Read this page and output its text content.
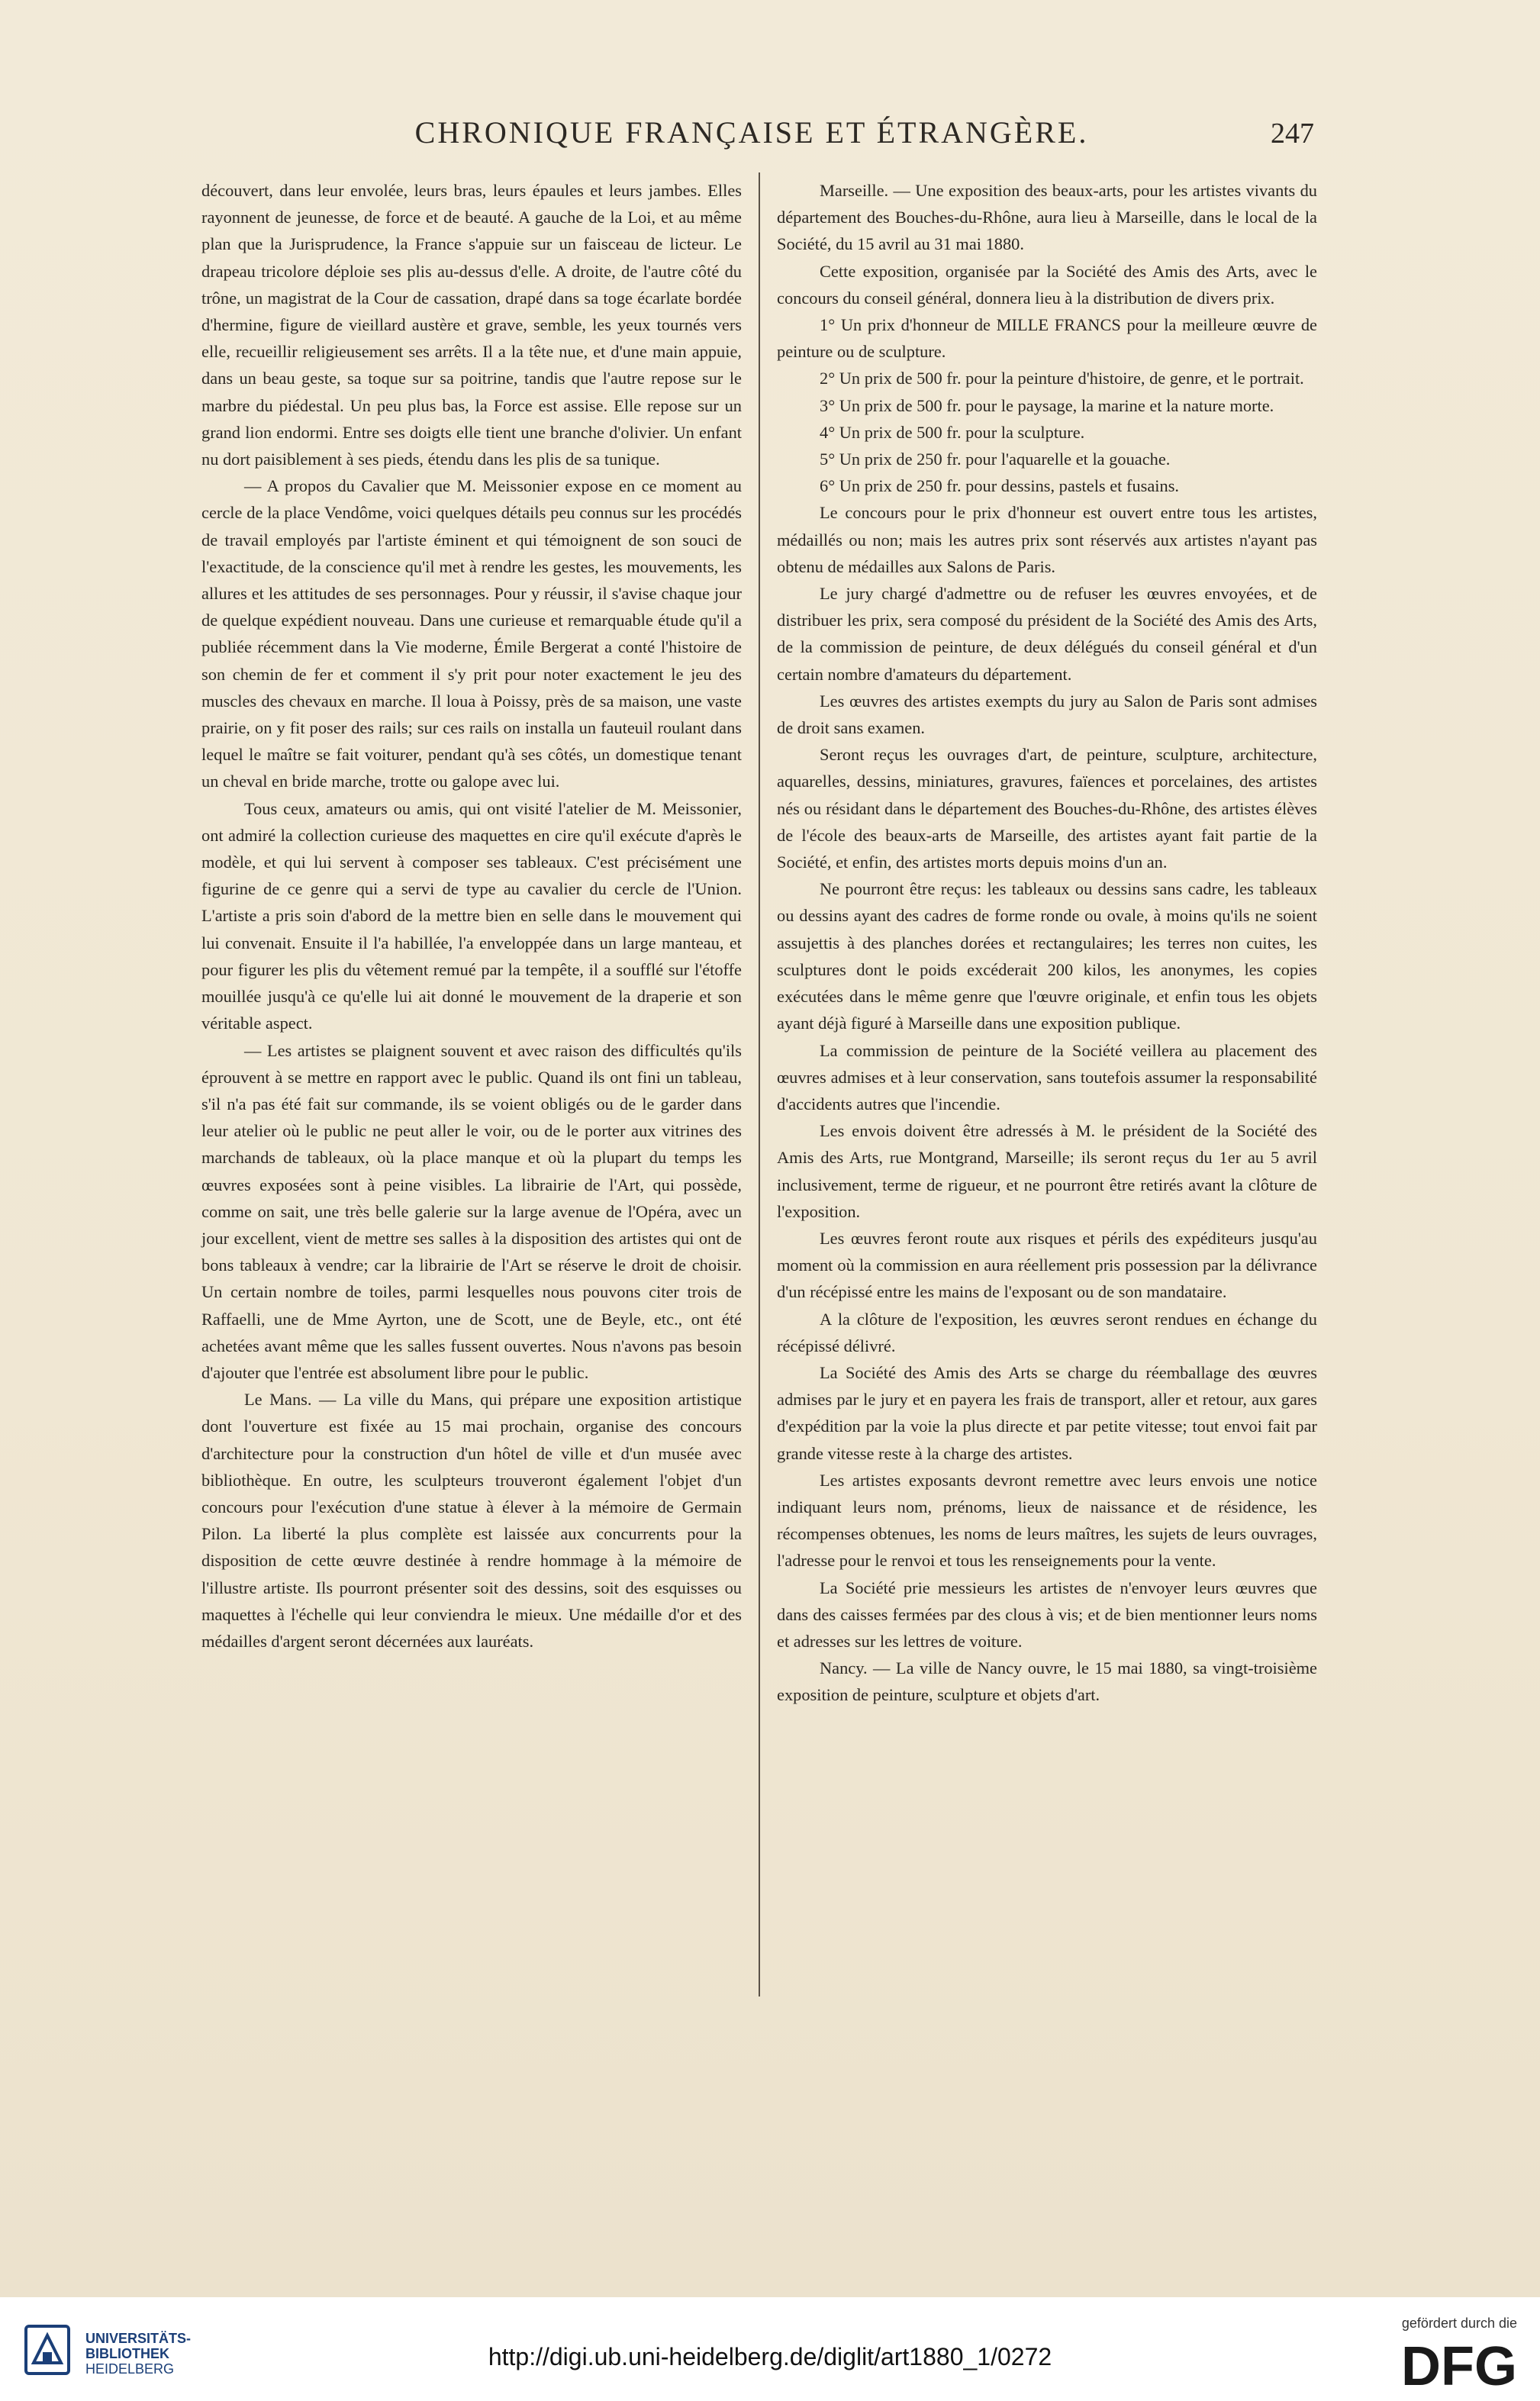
CHRONIQUE FRANÇAISE ET ÉTRANGÈRE.	247

découvert, dans leur envolée, leurs bras, leurs épaules et leurs jambes. Elles rayonnent de jeunesse, de force et de beauté. A gauche de la Loi, et au même plan que la Jurisprudence, la France s'appuie sur un faisceau de licteur. Le drapeau tricolore déploie ses plis au-dessus d'elle. A droite, de l'autre côté du trône, un magistrat de la Cour de cassation, drapé dans sa toge écarlate bordée d'hermine, figure de vieillard austère et grave, semble, les yeux tournés vers elle, recueillir religieusement ses arrêts. Il a la tête nue, et d'une main appuie, dans un beau geste, sa toque sur sa poitrine, tandis que l'autre repose sur le marbre du piédestal. Un peu plus bas, la Force est assise. Elle repose sur un grand lion endormi. Entre ses doigts elle tient une branche d'olivier. Un enfant nu dort paisiblement à ses pieds, étendu dans les plis de sa tunique.

— A propos du Cavalier que M. Meissonier expose en ce moment au cercle de la place Vendôme, voici quelques détails peu connus sur les procédés de travail employés par l'artiste éminent et qui témoignent de son souci de l'exactitude, de la conscience qu'il met à rendre les gestes, les mouvements, les allures et les attitudes de ses personnages. Pour y réussir, il s'avise chaque jour de quelque expédient nouveau. Dans une curieuse et remarquable étude qu'il a publiée récemment dans la Vie moderne, Émile Bergerat a conté l'histoire de son chemin de fer et comment il s'y prit pour noter exactement le jeu des muscles des chevaux en marche. Il loua à Poissy, près de sa maison, une vaste prairie, on y fit poser des rails; sur ces rails on installa un fauteuil roulant dans lequel le maître se fait voiturer, pendant qu'à ses côtés, un domestique tenant un cheval en bride marche, trotte ou galope avec lui.

Tous ceux, amateurs ou amis, qui ont visité l'atelier de M. Meissonier, ont admiré la collection curieuse des maquettes en cire qu'il exécute d'après le modèle, et qui lui servent à composer ses tableaux. C'est précisément une figurine de ce genre qui a servi de type au cavalier du cercle de l'Union. L'artiste a pris soin d'abord de la mettre bien en selle dans le mouvement qui lui convenait. Ensuite il l'a habillée, l'a enveloppée dans un large manteau, et pour figurer les plis du vêtement remué par la tempête, il a soufflé sur l'étoffe mouillée jusqu'à ce qu'elle lui ait donné le mouvement de la draperie et son véritable aspect.

— Les artistes se plaignent souvent et avec raison des difficultés qu'ils éprouvent à se mettre en rapport avec le public. Quand ils ont fini un tableau, s'il n'a pas été fait sur commande, ils se voient obligés ou de le garder dans leur atelier où le public ne peut aller le voir, ou de le porter aux vitrines des marchands de tableaux, où la place manque et où la plupart du temps les œuvres exposées sont à peine visibles. La librairie de l'Art, qui possède, comme on sait, une très belle galerie sur la large avenue de l'Opéra, avec un jour excellent, vient de mettre ses salles à la disposition des artistes qui ont de bons tableaux à vendre; car la librairie de l'Art se réserve le droit de choisir. Un certain nombre de toiles, parmi lesquelles nous pouvons citer trois de Raffaelli, une de Mme Ayrton, une de Scott, une de Beyle, etc., ont été achetées avant même que les salles fussent ouvertes. Nous n'avons pas besoin d'ajouter que l'entrée est absolument libre pour le public.

Le Mans. — La ville du Mans, qui prépare une exposition artistique dont l'ouverture est fixée au 15 mai prochain, organise des concours d'architecture pour la construction d'un hôtel de ville et d'un musée avec bibliothèque. En outre, les sculpteurs trouveront également l'objet d'un concours pour l'exécution d'une statue à élever à la mémoire de Germain Pilon. La liberté la plus complète est laissée aux concurrents pour la disposition de cette œuvre destinée à rendre hommage à la mémoire de l'illustre artiste. Ils pourront présenter soit des dessins, soit des esquisses ou maquettes à l'échelle qui leur conviendra le mieux. Une médaille d'or et des médailles d'argent seront décernées aux lauréats.

Marseille. — Une exposition des beaux-arts, pour les artistes vivants du département des Bouches-du-Rhône, aura lieu à Marseille, dans le local de la Société, du 15 avril au 31 mai 1880.

Cette exposition, organisée par la Société des Amis des Arts, avec le concours du conseil général, donnera lieu à la distribution de divers prix.

1° Un prix d'honneur de MILLE FRANCS pour la meilleure œuvre de peinture ou de sculpture.

2° Un prix de 500 fr. pour la peinture d'histoire, de genre, et le portrait.

3° Un prix de 500 fr. pour le paysage, la marine et la nature morte.

4° Un prix de 500 fr. pour la sculpture.

5° Un prix de 250 fr. pour l'aquarelle et la gouache.

6° Un prix de 250 fr. pour dessins, pastels et fusains.

Le concours pour le prix d'honneur est ouvert entre tous les artistes, médaillés ou non; mais les autres prix sont réservés aux artistes n'ayant pas obtenu de médailles aux Salons de Paris.

Le jury chargé d'admettre ou de refuser les œuvres envoyées, et de distribuer les prix, sera composé du président de la Société des Amis des Arts, de la commission de peinture, de deux délégués du conseil général et d'un certain nombre d'amateurs du département.

Les œuvres des artistes exempts du jury au Salon de Paris sont admises de droit sans examen.

Seront reçus les ouvrages d'art, de peinture, sculpture, architecture, aquarelles, dessins, miniatures, gravures, faïences et porcelaines, des artistes nés ou résidant dans le département des Bouches-du-Rhône, des artistes élèves de l'école des beaux-arts de Marseille, des artistes ayant fait partie de la Société, et enfin, des artistes morts depuis moins d'un an.

Ne pourront être reçus: les tableaux ou dessins sans cadre, les tableaux ou dessins ayant des cadres de forme ronde ou ovale, à moins qu'ils ne soient assujettis à des planches dorées et rectangulaires; les terres non cuites, les sculptures dont le poids excéderait 200 kilos, les anonymes, les copies exécutées dans le même genre que l'œuvre originale, et enfin tous les objets ayant déjà figuré à Marseille dans une exposition publique.

La commission de peinture de la Société veillera au placement des œuvres admises et à leur conservation, sans toutefois assumer la responsabilité d'accidents autres que l'incendie.

Les envois doivent être adressés à M. le président de la Société des Amis des Arts, rue Montgrand, Marseille; ils seront reçus du 1er au 5 avril inclusivement, terme de rigueur, et ne pourront être retirés avant la clôture de l'exposition.

Les œuvres feront route aux risques et périls des expéditeurs jusqu'au moment où la commission en aura réellement pris possession par la délivrance d'un récépissé entre les mains de l'exposant ou de son mandataire.

A la clôture de l'exposition, les œuvres seront rendues en échange du récépissé délivré.

La Société des Amis des Arts se charge du réemballage des œuvres admises par le jury et en payera les frais de transport, aller et retour, aux gares d'expédition par la voie la plus directe et par petite vitesse; tout envoi fait par grande vitesse reste à la charge des artistes.

Les artistes exposants devront remettre avec leurs envois une notice indiquant leurs nom, prénoms, lieux de naissance et de résidence, les récompenses obtenues, les noms de leurs maîtres, les sujets de leurs ouvrages, l'adresse pour le renvoi et tous les renseignements pour la vente.

La Société prie messieurs les artistes de n'envoyer leurs œuvres que dans des caisses fermées par des clous à vis; et de bien mentionner leurs noms et adresses sur les lettres de voiture.

Nancy. — La ville de Nancy ouvre, le 15 mai 1880, sa vingt-troisième exposition de peinture, sculpture et objets d'art.

UNIVERSITÄTS-
BIBLIOTHEK
HEIDELBERG	http://digi.ub.uni-heidelberg.de/diglit/art1880_1/0272
gefördert durch die
DFG
